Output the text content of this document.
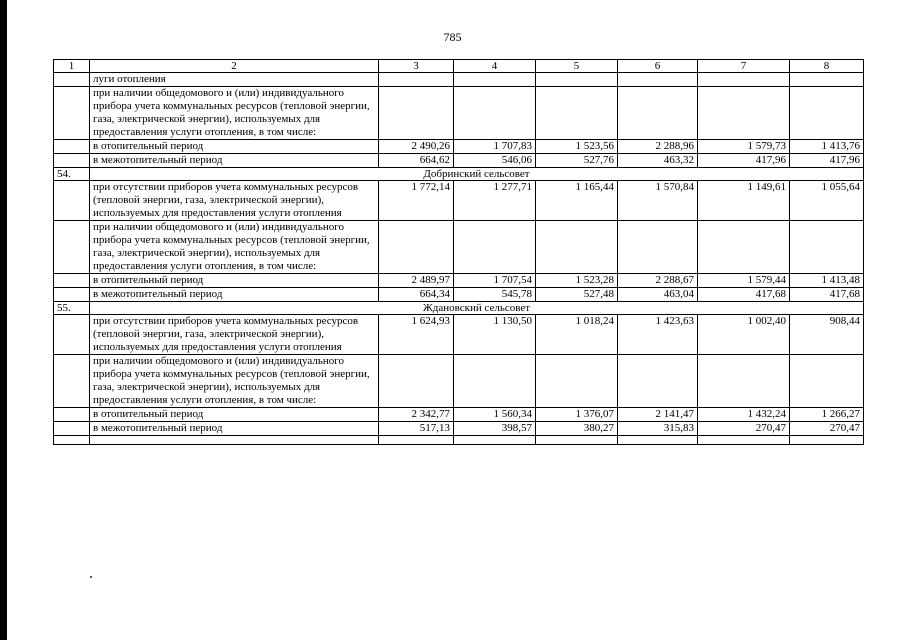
785
1	2	3	4	5	6	7	8
	луги отопления						
	при наличии общедомового и (или) индивидуального прибора учета коммунальных ресурсов (тепловой энергии, газа, электрической энергии), используемых для предоставления услуги отопления, в том числе:						
	в отопительный период	2 490,26	1 707,83	1 523,56	2 288,96	1 579,73	1 413,76
	в межотопительный период	664,62	546,06	527,76	463,32	417,96	417,96
54.	Добринский сельсовет						
	при отсутствии приборов учета коммунальных ресурсов (тепловой энергии, газа, электрической энергии), используемых для предоставления услуги отопления	1 772,14	1 277,71	1 165,44	1 570,84	1 149,61	1 055,64
	при наличии общедомового и (или) индивидуального прибора учета коммунальных ресурсов (тепловой энергии, газа, электрической энергии), используемых для предоставления услуги отопления, в том числе:						
	в отопительный период	2 489,97	1 707,54	1 523,28	2 288,67	1 579,44	1 413,48
	в межотопительный период	664,34	545,78	527,48	463,04	417,68	417,68
55.	Ждановский сельсовет						
	при отсутствии приборов учета коммунальных ресурсов (тепловой энергии, газа, электрической энергии), используемых для предоставления услуги отопления	1 624,93	1 130,50	1 018,24	1 423,63	1 002,40	908,44
	при наличии общедомового и (или) индивидуального прибора учета коммунальных ресурсов (тепловой энергии, газа, электрической энергии), используемых для предоставления услуги отопления, в том числе:						
	в отопительный период	2 342,77	1 560,34	1 376,07	2 141,47	1 432,24	1 266,27
	в межотопительный период	517,13	398,57	380,27	315,83	270,47	270,47
